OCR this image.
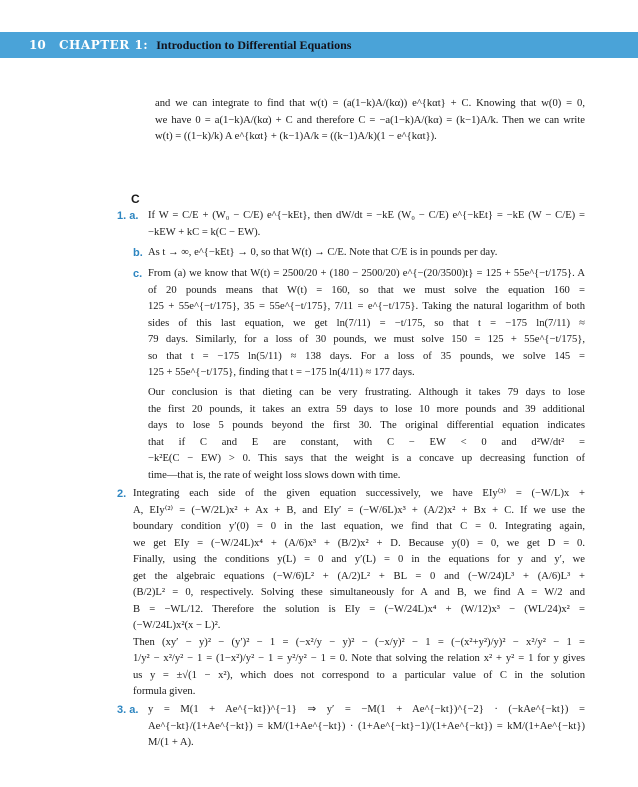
10	CHAPTER 1: Introduction to Differential Equations
and we can integrate to find that w(t) = (a(1−k)A/(kα)) e^{kαt} + C. Knowing that w(0) = 0,
we have 0 = a(1−k)A/(kα) + C and therefore C = −a(1−k)A/(kα) = (k−1)A/k. Then we can write
w(t) = ((1−k)/k) A e^{kαt} + (k−1)A/k = ((k−1)A/k)(1 − e^{kαt}).
C
1. a. If W = C/E + (W₀ − C/E) e^{−kEt}, then dW/dt = −kE (W₀ − C/E) e^{−kEt} = −kE (W − C/E) =
−kEW + kC = k(C − EW).
b. As t → ∞, e^{−kEt} → 0, so that W(t) → C/E. Note that C/E is in pounds per day.
c. From (a) we know that W(t) = 2500/20 + (180 − 2500/20) e^{−(20/3500)t} = 125 + 55e^{−t/175}. A
of 20 pounds means that W(t) = 160, so that we must solve the equation 160 =
125 + 55e^{−t/175}, 35 = 55e^{−t/175}, 7/11 = e^{−t/175}. Taking the natural logarithm of both
sides of this last equation, we get ln(7/11) = −t/175, so that t = −175 ln(7/11) ≈
79 days. Similarly, for a loss of 30 pounds, we must solve 150 = 125 + 55e^{−t/175},
so that t = −175 ln(5/11) ≈ 138 days. For a loss of 35 pounds, we solve 145 =
125 + 55e^{−t/175}, finding that t = −175 ln(4/11) ≈ 177 days.
Our conclusion is that dieting can be very frustrating. Although it takes 79 days to lose
the first 20 pounds, it takes an extra 59 days to lose 10 more pounds and 39 additional
days to lose 5 pounds beyond the first 30. The original differential equation indicates
that if C and E are constant, with C − EW < 0 and d²W/dt² =
−k²E(C − EW) > 0. This says that the weight is a concave up decreasing function of
time—that is, the rate of weight loss slows down with time.
2. Integrating each side of the given equation successively, we have EIy⁽³⁾ = (−W/L)x +
A, EIy⁽²⁾ = (−W/2L)x² + Ax + B, and EIy′ = (−W/6L)x³ + (A/2)x² + Bx + C. If we use the
boundary condition y′(0) = 0 in the last equation, we find that C = 0. Integrating again,
we get EIy = (−W/24L)x⁴ + (A/6)x³ + (B/2)x² + D. Because y(0) = 0, we get D = 0.
Finally, using the conditions y(L) = 0 and y′(L) = 0 in the equations for y and y′, we
get the algebraic equations (−W/6)L² + (A/2)L² + BL = 0 and (−W/24)L³ + (A/6)L³ +
(B/2)L² = 0, respectively. Solving these simultaneously for A and B, we find A = W/2 and
B = −WL/12. Therefore the solution is EIy = (−W/24L)x⁴ + (W/12)x³ − (WL/24)x² =
(−W/24L)x²(x − L)².
Then (xy′ − y)² − (y′)² − 1 = (−x²/y − y)² − (−x/y)² − 1 = (−(x²+y²)/y)² − x²/y² − 1 =
1/y² − x²/y² − 1 = (1−x²)/y² − 1 = y²/y² − 1 = 0. Note that solving the relation x² + y² = 1 for y gives
us y = ±√(1 − x²), which does not correspond to a particular value of C in the solution
formula given.
3. a. y = M(1 + Ae^{−kt})^{−1} ⇒ y′ = −M(1 + Ae^{−kt})^{−2} · (−kAe^{−kt}) =
Ae^{−kt}/(1+Ae^{−kt}) = kM/(1+Ae^{−kt}) · (1+Ae^{−kt}−1)/(1+Ae^{−kt}) = kM/(1+Ae^{−kt})
M/(1 + A).
